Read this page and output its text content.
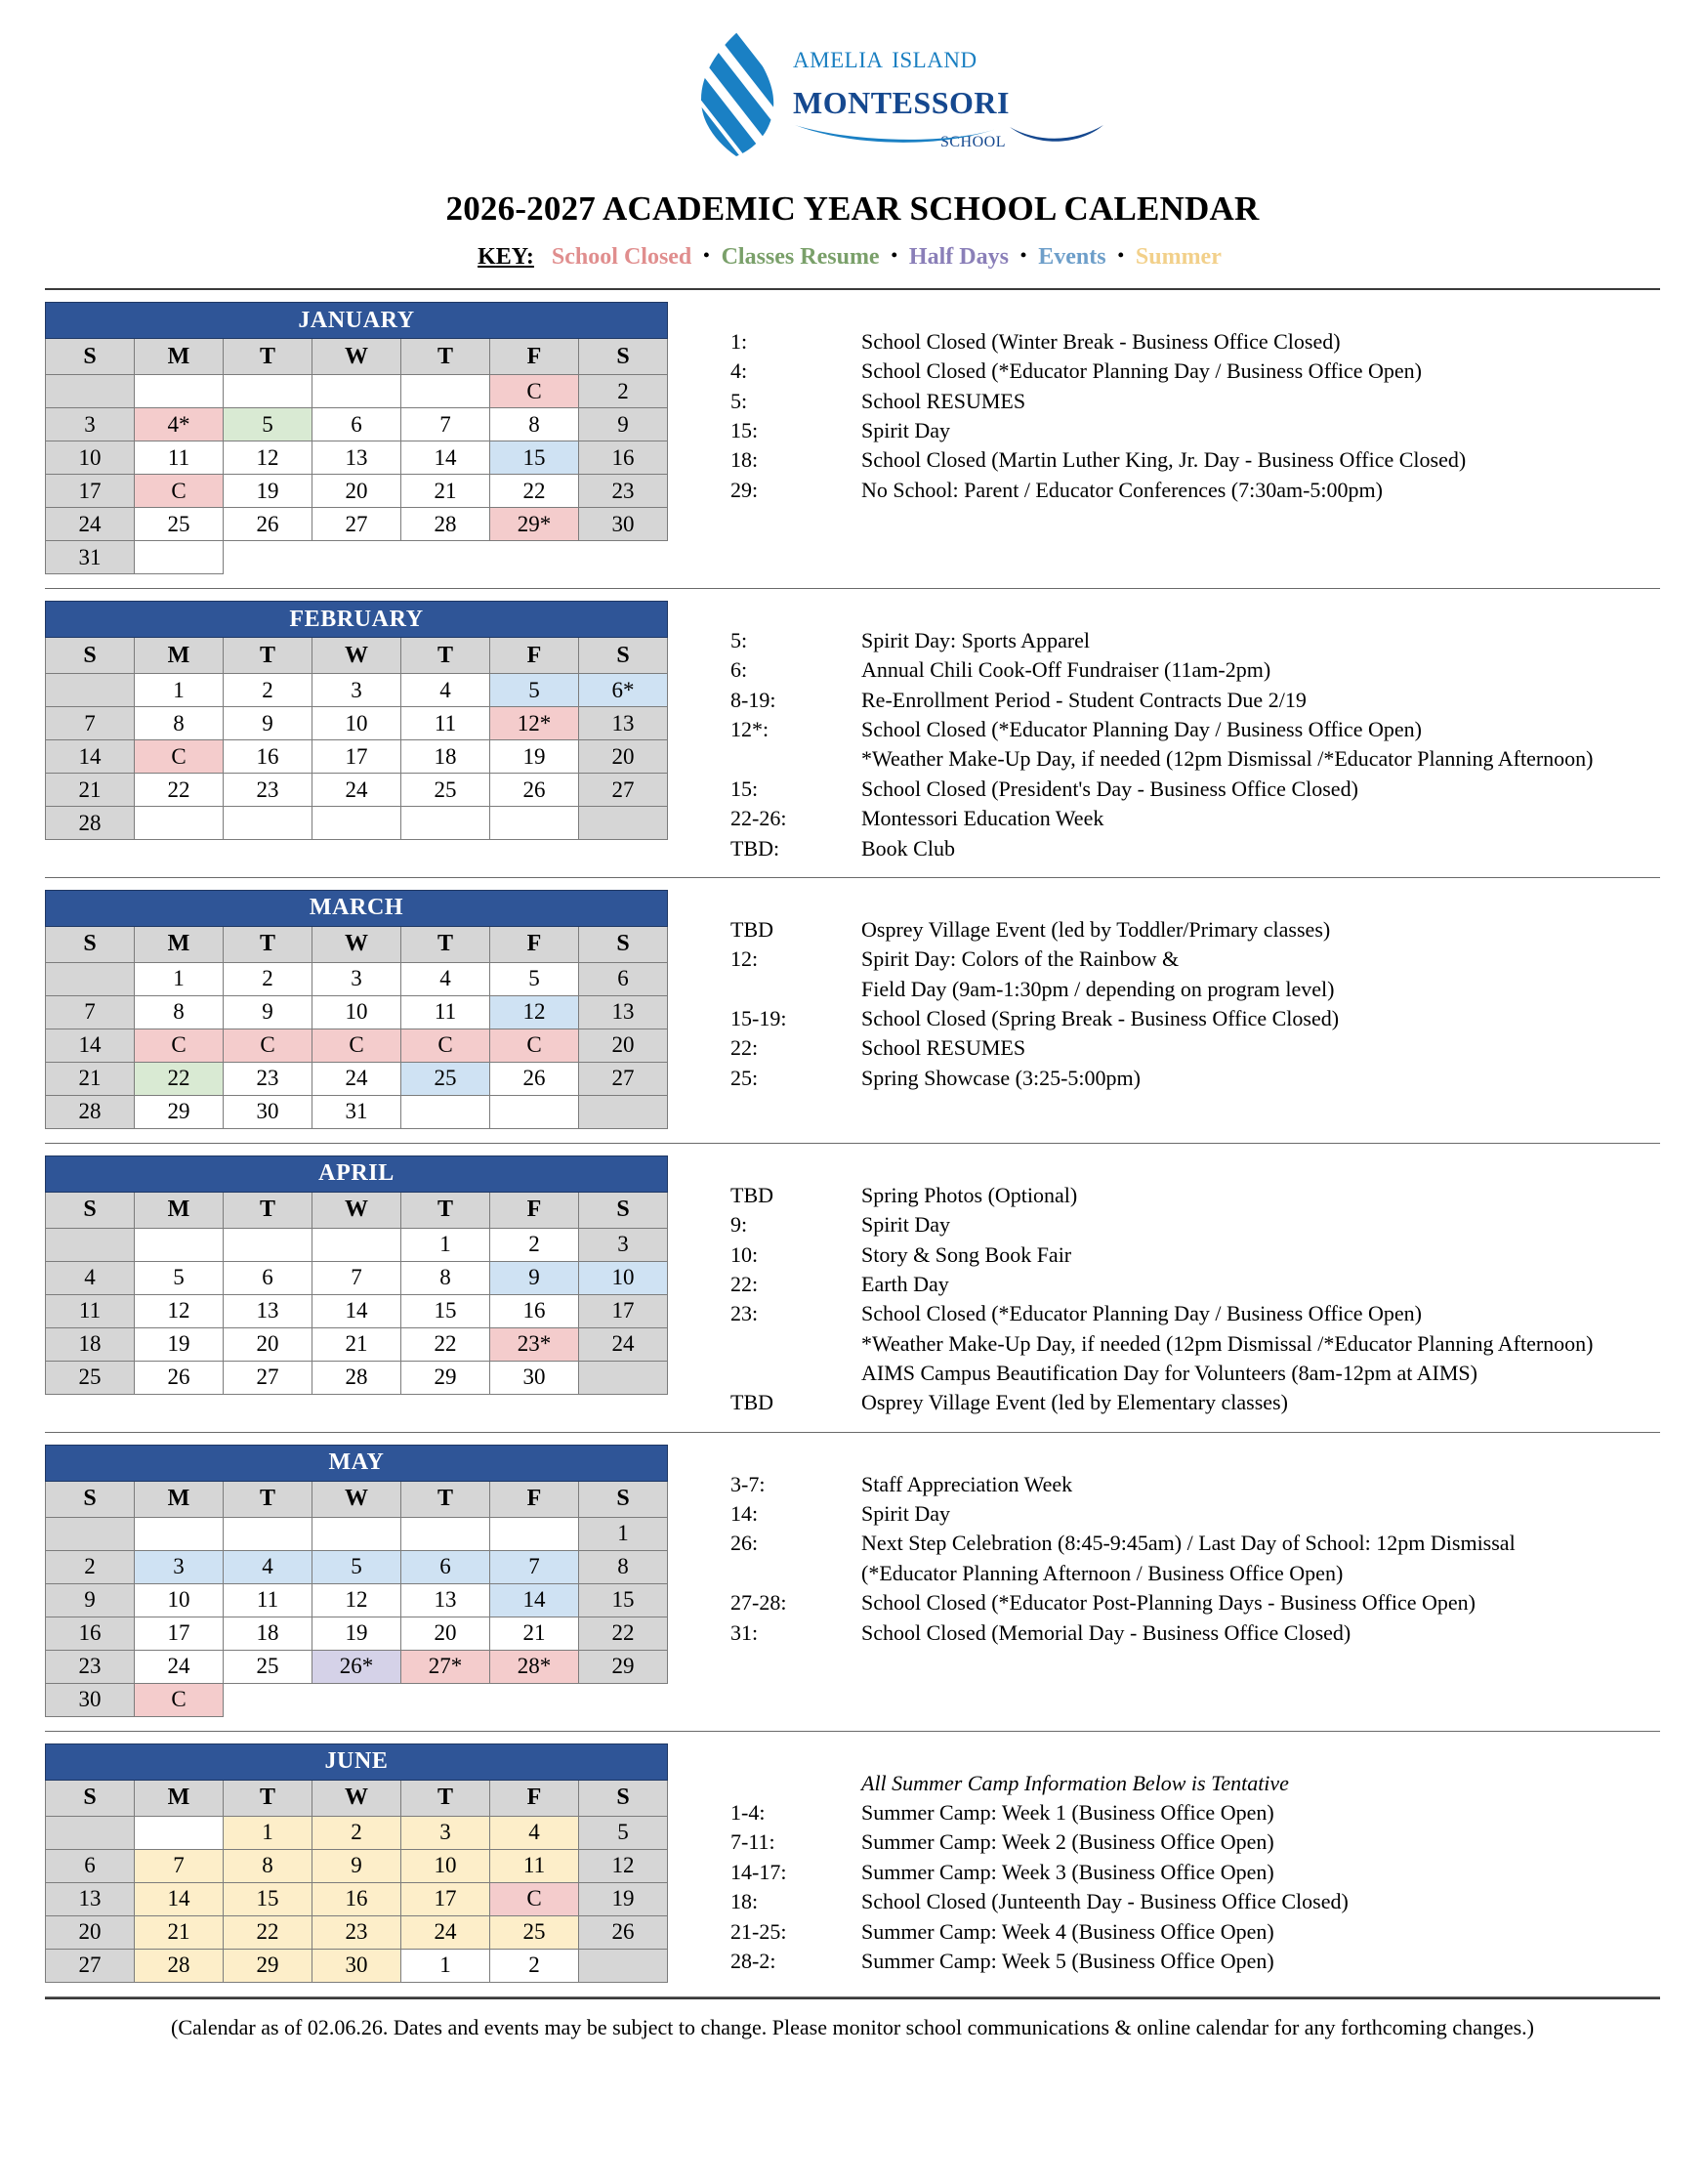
amelia island
montessori
school
2026-2027 ACADEMIC YEAR SCHOOL CALENDAR
KEY: School Closed • Classes Resume • Half Days • Events • Summer
JANUARY						
S	M	T	W	T	F	S
					C	2
3	4*	5	6	7	8	9
10	11	12	13	14	15	16
17	C	19	20	21	22	23
24	25	26	27	28	29*	30
31						
1:	School Closed (Winter Break - Business Office Closed)
4:	School Closed (*Educator Planning Day / Business Office Open)
5:	School RESUMES
15:	Spirit Day
18:	School Closed (Martin Luther King, Jr. Day - Business Office Closed)
29:	No School: Parent / Educator Conferences (7:30am-5:00pm)
FEBRUARY						
S	M	T	W	T	F	S
	1	2	3	4	5	6*
7	8	9	10	11	12*	13
14	C	16	17	18	19	20
21	22	23	24	25	26	27
28						
5:	Spirit Day: Sports Apparel
6:	Annual Chili Cook-Off Fundraiser (11am-2pm)
8-19:	Re-Enrollment Period - Student Contracts Due 2/19
12*:	School Closed (*Educator Planning Day / Business Office Open)
*Weather Make-Up Day, if needed (12pm Dismissal /*Educator Planning Afternoon)
15:	School Closed (President's Day - Business Office Closed)
22-26:	Montessori Education Week
TBD:	Book Club
MARCH						
S	M	T	W	T	F	S
	1	2	3	4	5	6
7	8	9	10	11	12	13
14	C	C	C	C	C	20
21	22	23	24	25	26	27
28	29	30	31			
TBD	Osprey Village Event (led by Toddler/Primary classes)
12:	Spirit Day: Colors of the Rainbow &
Field Day (9am-1:30pm / depending on program level)
15-19:	School Closed (Spring Break - Business Office Closed)
22:	School RESUMES
25:	Spring Showcase (3:25-5:00pm)
APRIL						
S	M	T	W	T	F	S
				1	2	3
4	5	6	7	8	9	10
11	12	13	14	15	16	17
18	19	20	21	22	23*	24
25	26	27	28	29	30	
TBD	Spring Photos (Optional)
9:	Spirit Day
10:	Story & Song Book Fair
22:	Earth Day
23:	School Closed (*Educator Planning Day / Business Office Open)
*Weather Make-Up Day, if needed (12pm Dismissal /*Educator Planning Afternoon)
AIMS Campus Beautification Day for Volunteers (8am-12pm at AIMS)
TBD	Osprey Village Event (led by Elementary classes)
MAY						
S	M	T	W	T	F	S
						1
2	3	4	5	6	7	8
9	10	11	12	13	14	15
16	17	18	19	20	21	22
23	24	25	26*	27*	28*	29
30	C					
3-7:	Staff Appreciation Week
14:	Spirit Day
26:	Next Step Celebration (8:45-9:45am) / Last Day of School: 12pm Dismissal
(*Educator Planning Afternoon / Business Office Open)
27-28:	School Closed (*Educator Post-Planning Days - Business Office Open)
31:	School Closed (Memorial Day - Business Office Closed)
JUNE						
S	M	T	W	T	F	S
		1	2	3	4	5
6	7	8	9	10	11	12
13	14	15	16	17	C	19
20	21	22	23	24	25	26
27	28	29	30	1	2	
All Summer Camp Information Below is Tentative
1-4:	Summer Camp: Week 1 (Business Office Open)
7-11:	Summer Camp: Week 2 (Business Office Open)
14-17:	Summer Camp: Week 3 (Business Office Open)
18:	School Closed (Junteenth Day - Business Office Closed)
21-25:	Summer Camp: Week 4 (Business Office Open)
28-2:	Summer Camp: Week 5 (Business Office Open)
(Calendar as of 02.06.26. Dates and events may be subject to change. Please monitor school communications & online calendar for any forthcoming changes.)
